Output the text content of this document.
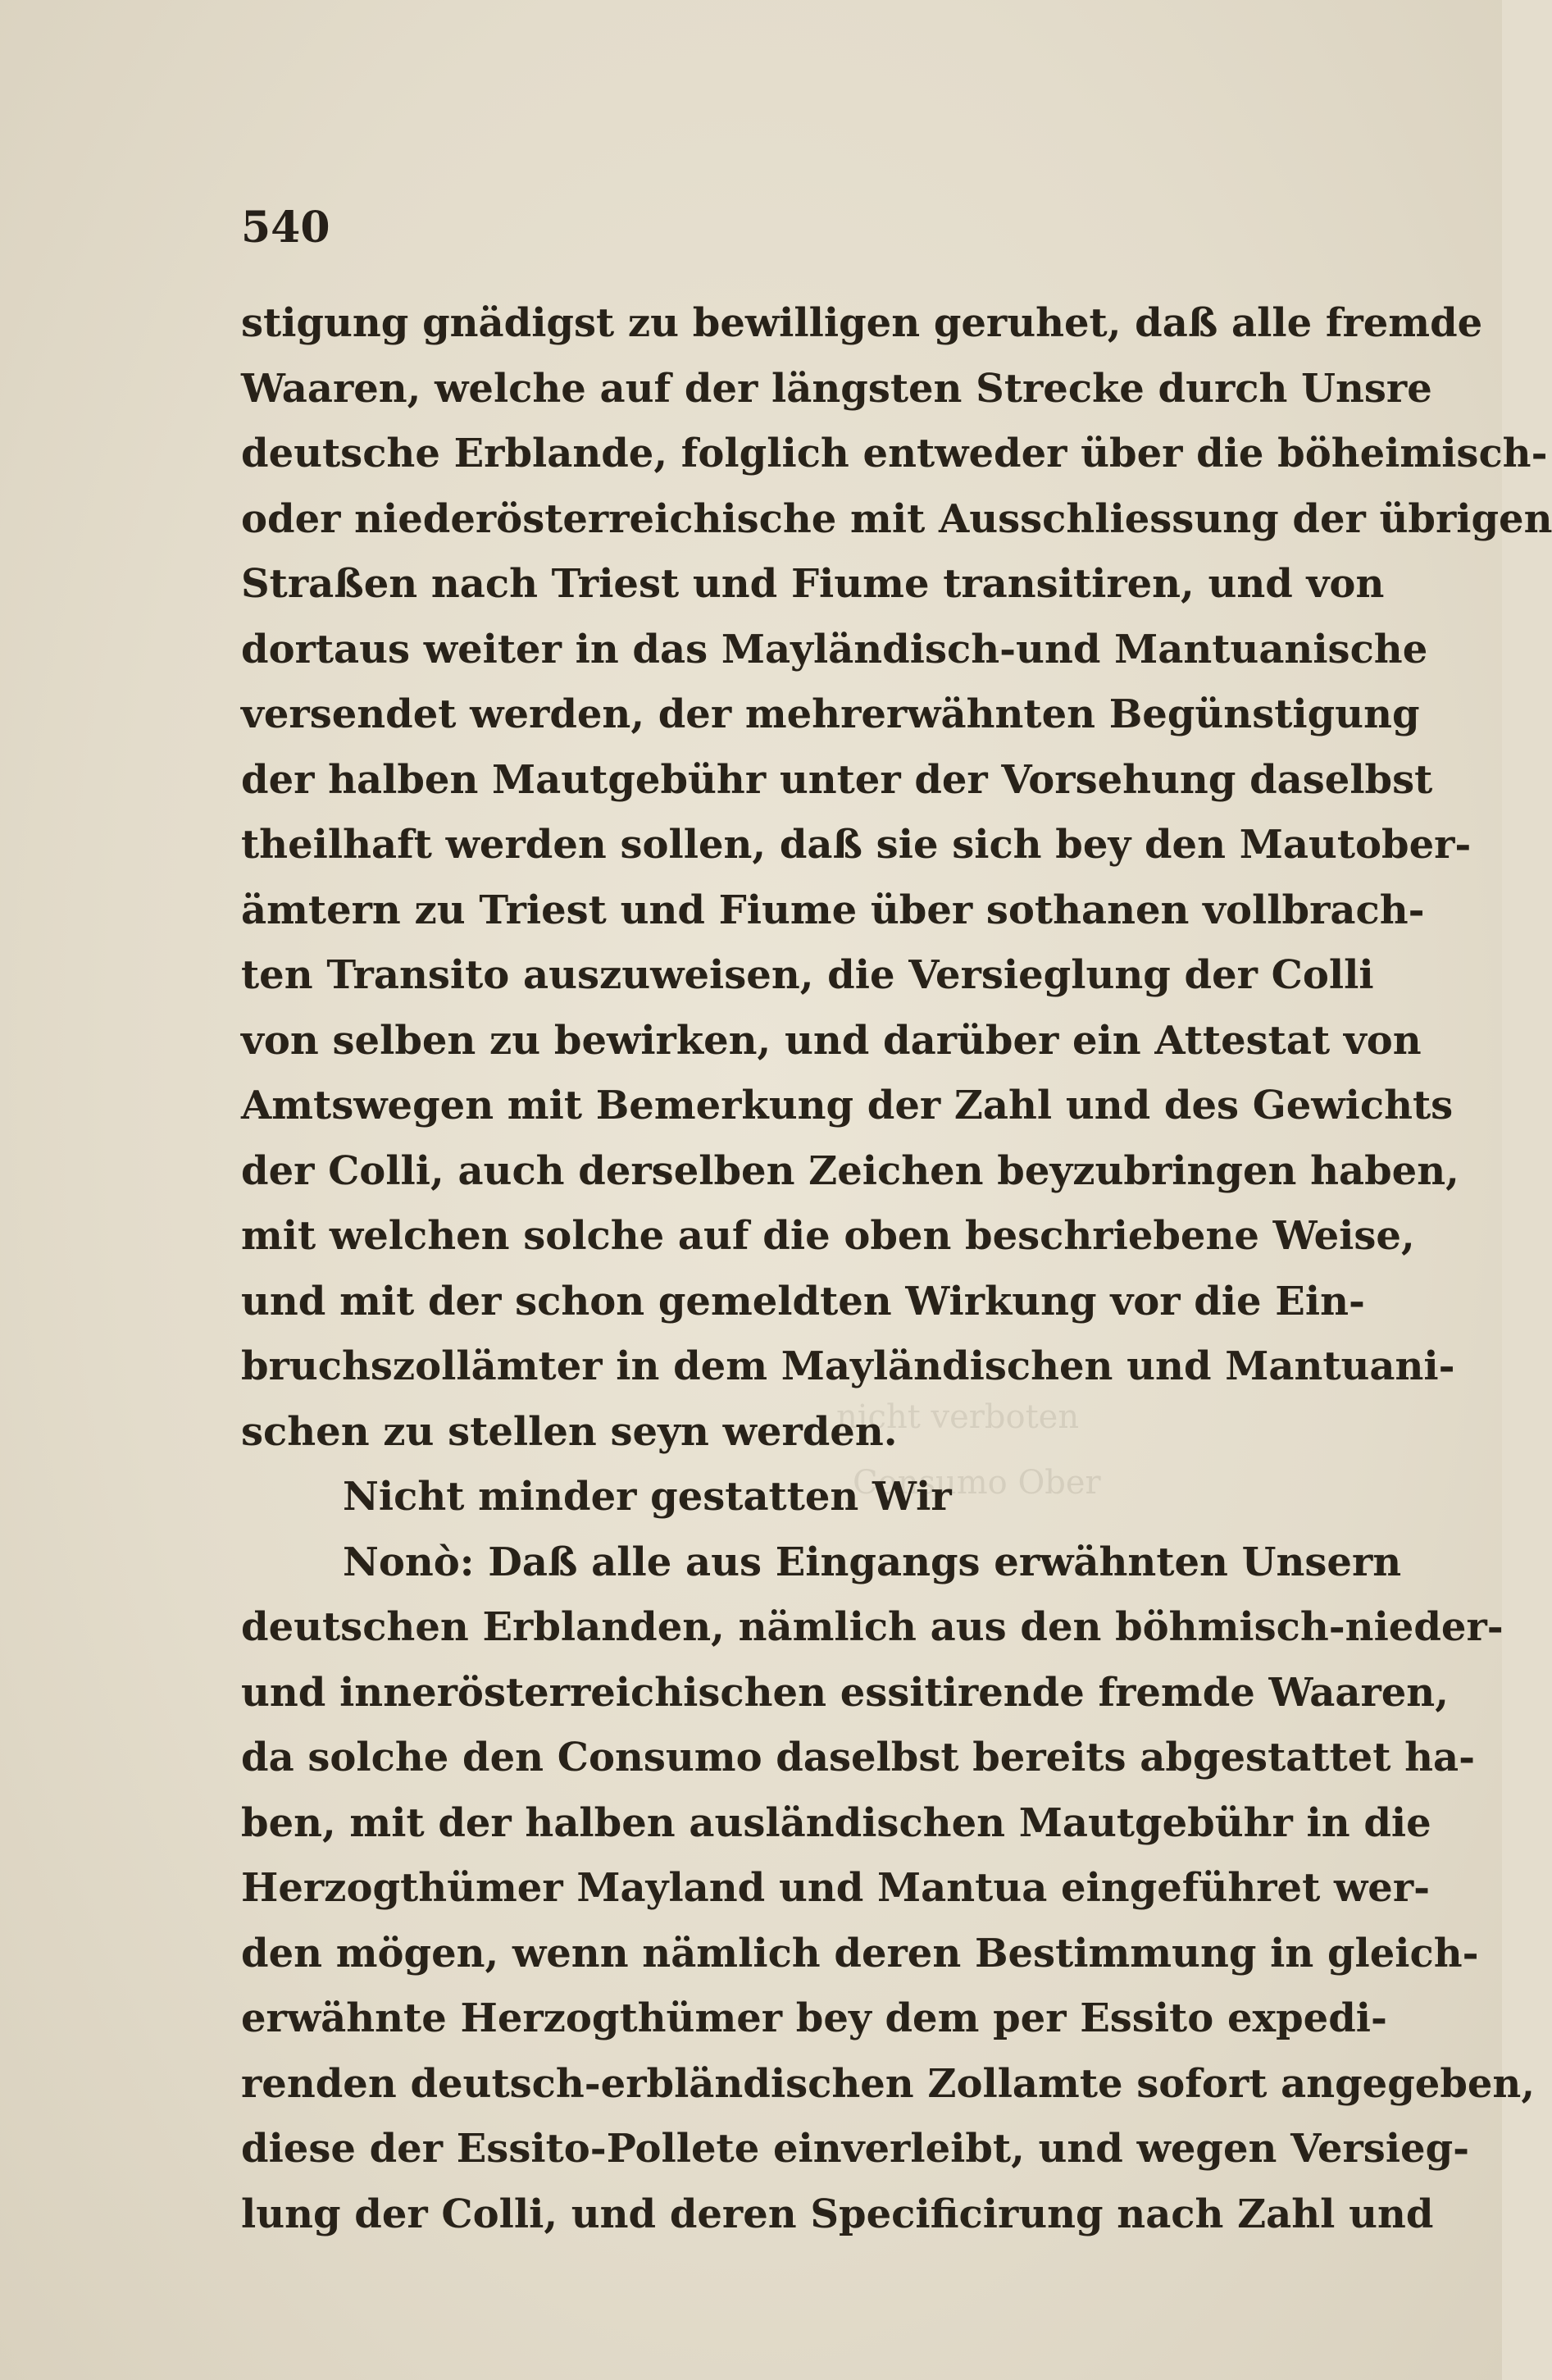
nicht verboten
Consumo Ober
540
stigung gnädigst zu bewilligen geruhet, daß alle fremde
Waaren, welche auf der längsten Strecke durch Unsre
deutsche Erblande, folglich entweder über die böheimisch-
oder niederösterreichische mit Ausschliessung der übrigen
Straßen nach Triest und Fiume transitiren, und von
dortaus weiter in das Mayländisch-und Mantuanische
versendet werden, der mehrerwähnten Begünstigung
der halben Mautgebühr unter der Vorsehung daselbst
theilhaft werden sollen, daß sie sich bey den Mautober-
ämtern zu Triest und Fiume über sothanen vollbrach-
ten Transito auszuweisen, die Versieglung der Colli
von selben zu bewirken, und darüber ein Attestat von
Amtswegen mit Bemerkung der Zahl und des Gewichts
der Colli, auch derselben Zeichen beyzubringen haben,
mit welchen solche auf die oben beschriebene Weise,
und mit der schon gemeldten Wirkung vor die Ein-
bruchszollämter in dem Mayländischen und Mantuani-
schen zu stellen seyn werden.
Nicht minder gestatten Wir
Nonò: Daß alle aus Eingangs erwähnten Unsern
deutschen Erblanden, nämlich aus den böhmisch-nieder-
und innerösterreichischen essitirende fremde Waaren,
da solche den Consumo daselbst bereits abgestattet ha-
ben, mit der halben ausländischen Mautgebühr in die
Herzogthümer Mayland und Mantua eingeführet wer-
den mögen, wenn nämlich deren Bestimmung in gleich-
erwähnte Herzogthümer bey dem per Essito expedi-
renden deutsch-erbländischen Zollamte sofort angegeben,
diese der Essito-Pollete einverleibt, und wegen Versieg-
lung der Colli, und deren Specificirung nach Zahl und
